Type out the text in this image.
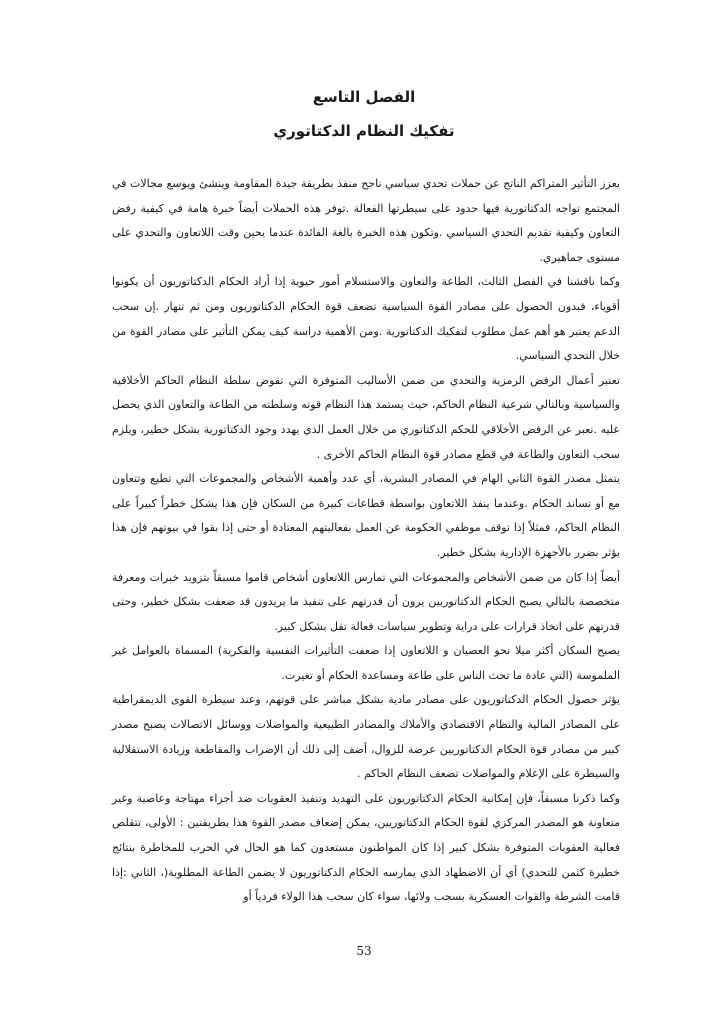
الفصل التاسع
تفكيك النظام الدكتاتوري

يعزز التأثير المتراكم الناتج عن حملات تحدي سياسي ناجح منفذ بطريقة جيدة المقاومة وينشئ ويوسع مجالات في المجتمع تواجه الدكتاتورية فيها حدود على سيطرتها الفعالة .توفر هذه الحملات أيضاً خبرة هامة في كيفية رفض التعاون وكيفية تقديم التحدي السياسي .وتكون هذه الخبرة بالغة الفائدة عندما يحين وقت اللاتعاون والتحدي على مستوى جماهيري.

وكما ناقشنا في الفصل الثالث، الطاعة والتعاون والاستسلام أمور حيوية إذا أراد الحكام الدكتاتوريون أن يكونوا أقوياء، فبدون الحصول على مصادر القوة السياسية تضعف قوة الحكام الدكتاتوريون ومن ثم تنهار .إن سحب الدعم يعتبر هو أهم عمل مطلوب لتفكيك الدكتاتورية .ومن الأهمية دراسة كيف يمكن التأثير على مصادر القوة من خلال التحدي السياسي.

تعتبر أعمال الرفض الرمزية والتحدي من ضمن الأساليب المتوفرة التي تقوض سلطة النظام الحاكم الأخلاقية والسياسية وبالتالي شرعية النظام الحاكم، حيث يستمد هذا النظام قوته وسلطته من الطاعة والتعاون الذي يحصل عليه .نعبر عن الرفض الأخلاقي للحكم الدكتاتوري من خلال العمل الذي يهدد وجود الدكتاتورية بشكل خطير، ويلزم سحب التعاون والطاعة في قطع مصادر قوة النظام الحاكم الأخرى .

يتمثل مصدر القوة الثاني الهام في المصادر البشرية، أي عدد وأهمية الأشخاص والمجموعات التي تطيع وتتعاون مع أو تساند الحكام .وعندما ينفذ اللاتعاون بواسطة قطاعات كبيرة من السكان فإن هذا يشكل خطراً كبيراً على النظام الحاكم، فمثلاً إذا توقف موظفي الحكومة عن العمل بفعاليتهم المعتادة أو حتى إذا بقوا في بيوتهم فإن هذا يؤثر بضرر بالأجهزة الإدارية بشكل خطير.

أيضاً إذا كان من ضمن الأشخاص والمجموعات التي تمارس اللاتعاون أشخاص قاموا مسبقاً بتزويد خبرات ومعرفة متخصصة بالتالي يصبح الحكام الدكتاتوريين يرون أن قدرتهم على تنفيذ ما يريدون قد ضعفت بشكل خطير، وحتى قدرتهم على اتخاذ قرارات على دراية وتطوير سياسات فعالة تقل بشكل كبير.

يصبح السكان أكثر ميلا نحو العصيان و اللاتعاون إذا ضعفت التأثيرات النفسية والفكرية) المسماة بالعوامل غير الملموسة (التي عادة ما تحث الناس على طاعة ومساعدة الحكام أو تغيرت.

يؤثر حصول الحكام الدكتاتوريون على مصادر مادية بشكل مباشر على قوتهم، وعند سيطرة القوى الديمقراطية على المصادر المالية والنظام الاقتصادي والأملاك والمصادر الطبيعية والمواصلات ووسائل الاتصالات يصبح مصدر كبير من مصادر قوة الحكام الدكتاتوريين عرضة للزوال، أضف إلى ذلك أن الإضراب والمقاطعة وزيادة الاستقلالية والسيطرة على الإعلام والمواصلات تضعف النظام الحاكم .

وكما ذكرنا مسبقاً، فإن إمكانية الحكام الدكتاتوريون على التهديد وتنفيذ العقوبات ضد أجزاء مهتاجة وعاصية وغير متعاونة هو المصدر المركزي لقوة الحكام الدكتاتوريين، يمكن إضعاف مصدر القوة هذا بطريقتين : الأولى، تتقلص فعالية العقوبات المتوفرة بشكل كبير إذا كان المواطنون مستعدون كما هو الحال في الحرب للمخاطرة بنتائج خطيرة كثمن للتحدي) أي أن الاضطهاد الذي يمارسه الحكام الدكتاتوريون لا يضمن الطاعة المطلوبة(، الثاني :إذا قامت الشرطة والقوات العسكرية بسحب ولائها، سواء كان سحب هذا الولاء فردياً أو

53
